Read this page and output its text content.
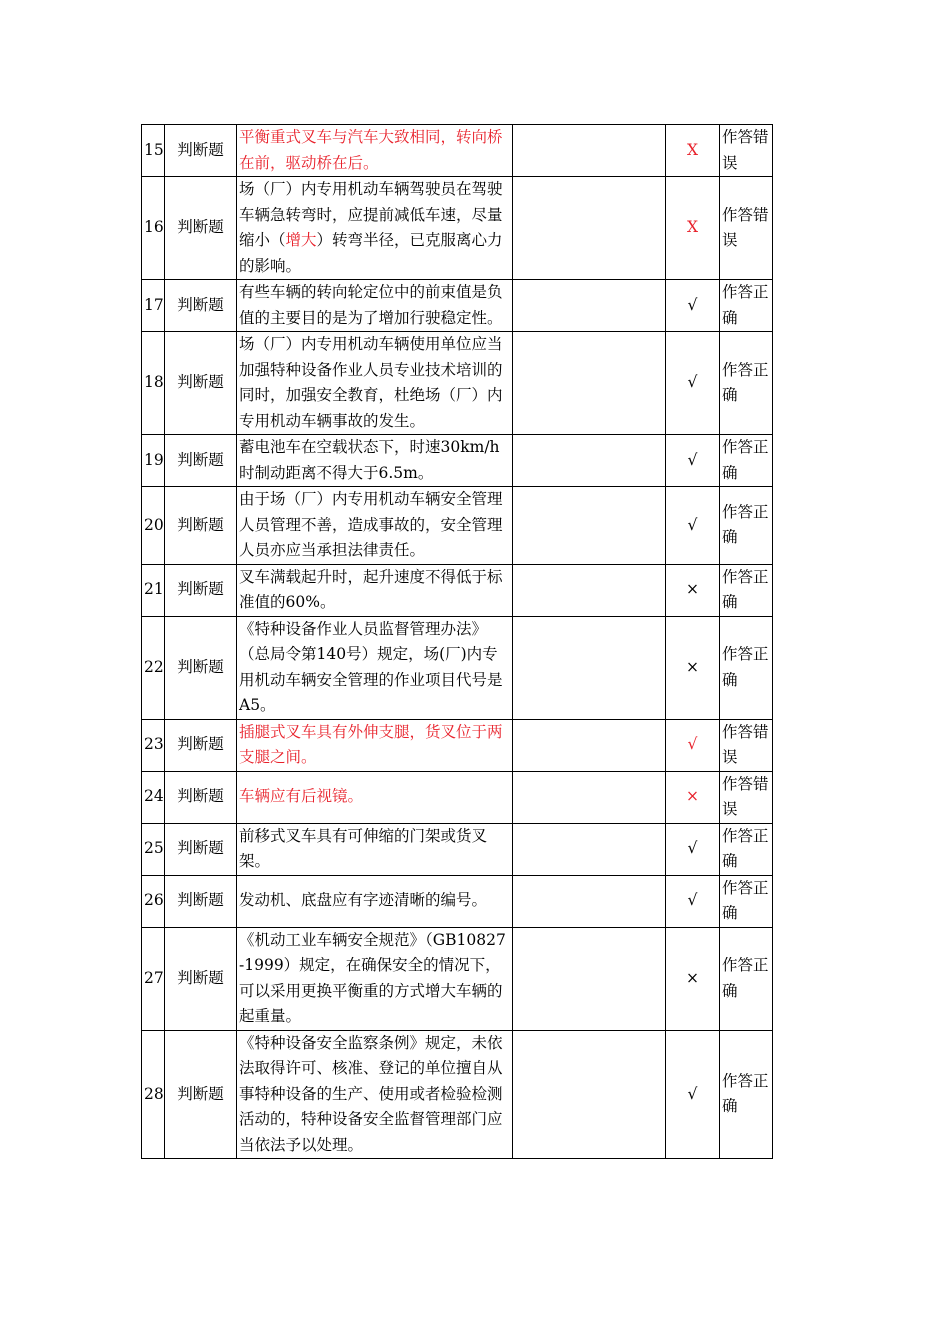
15	判断题	平衡重式叉车与汽车大致相同，转向桥在前，驱动桥在后。		X	作答错误
16	判断题	场（厂）内专用机动车辆驾驶员在驾驶车辆急转弯时，应提前减低车速，尽量缩小（增大）转弯半径，已克服离心力的影响。		X	作答错误
17	判断题	有些车辆的转向轮定位中的前束值是负值的主要目的是为了增加行驶稳定性。		√	作答正确
18	判断题	场（厂）内专用机动车辆使用单位应当加强特种设备作业人员专业技术培训的同时，加强安全教育，杜绝场（厂）内专用机动车辆事故的发生。		√	作答正确
19	判断题	蓄电池车在空载状态下，时速30km/h时制动距离不得大于6.5m。		√	作答正确
20	判断题	由于场（厂）内专用机动车辆安全管理人员管理不善，造成事故的，安全管理人员亦应当承担法律责任。		√	作答正确
21	判断题	叉车满载起升时，起升速度不得低于标准值的60%。		×	作答正确
22	判断题	《特种设备作业人员监督管理办法》（总局令第140号）规定，场(厂)内专用机动车辆安全管理的作业项目代号是A5。		×	作答正确
23	判断题	插腿式叉车具有外伸支腿，货叉位于两支腿之间。		√	作答错误
24	判断题	车辆应有后视镜。		×	作答错误
25	判断题	前移式叉车具有可伸缩的门架或货叉架。		√	作答正确
26	判断题	发动机、底盘应有字迹清晰的编号。		√	作答正确
27	判断题	《机动工业车辆安全规范》（GB10827-1999）规定，在确保安全的情况下，可以采用更换平衡重的方式增大车辆的起重量。		×	作答正确
28	判断题	《特种设备安全监察条例》规定，未依法取得许可、核准、登记的单位擅自从事特种设备的生产、使用或者检验检测活动的，特种设备安全监督管理部门应当依法予以处理。		√	作答正确
